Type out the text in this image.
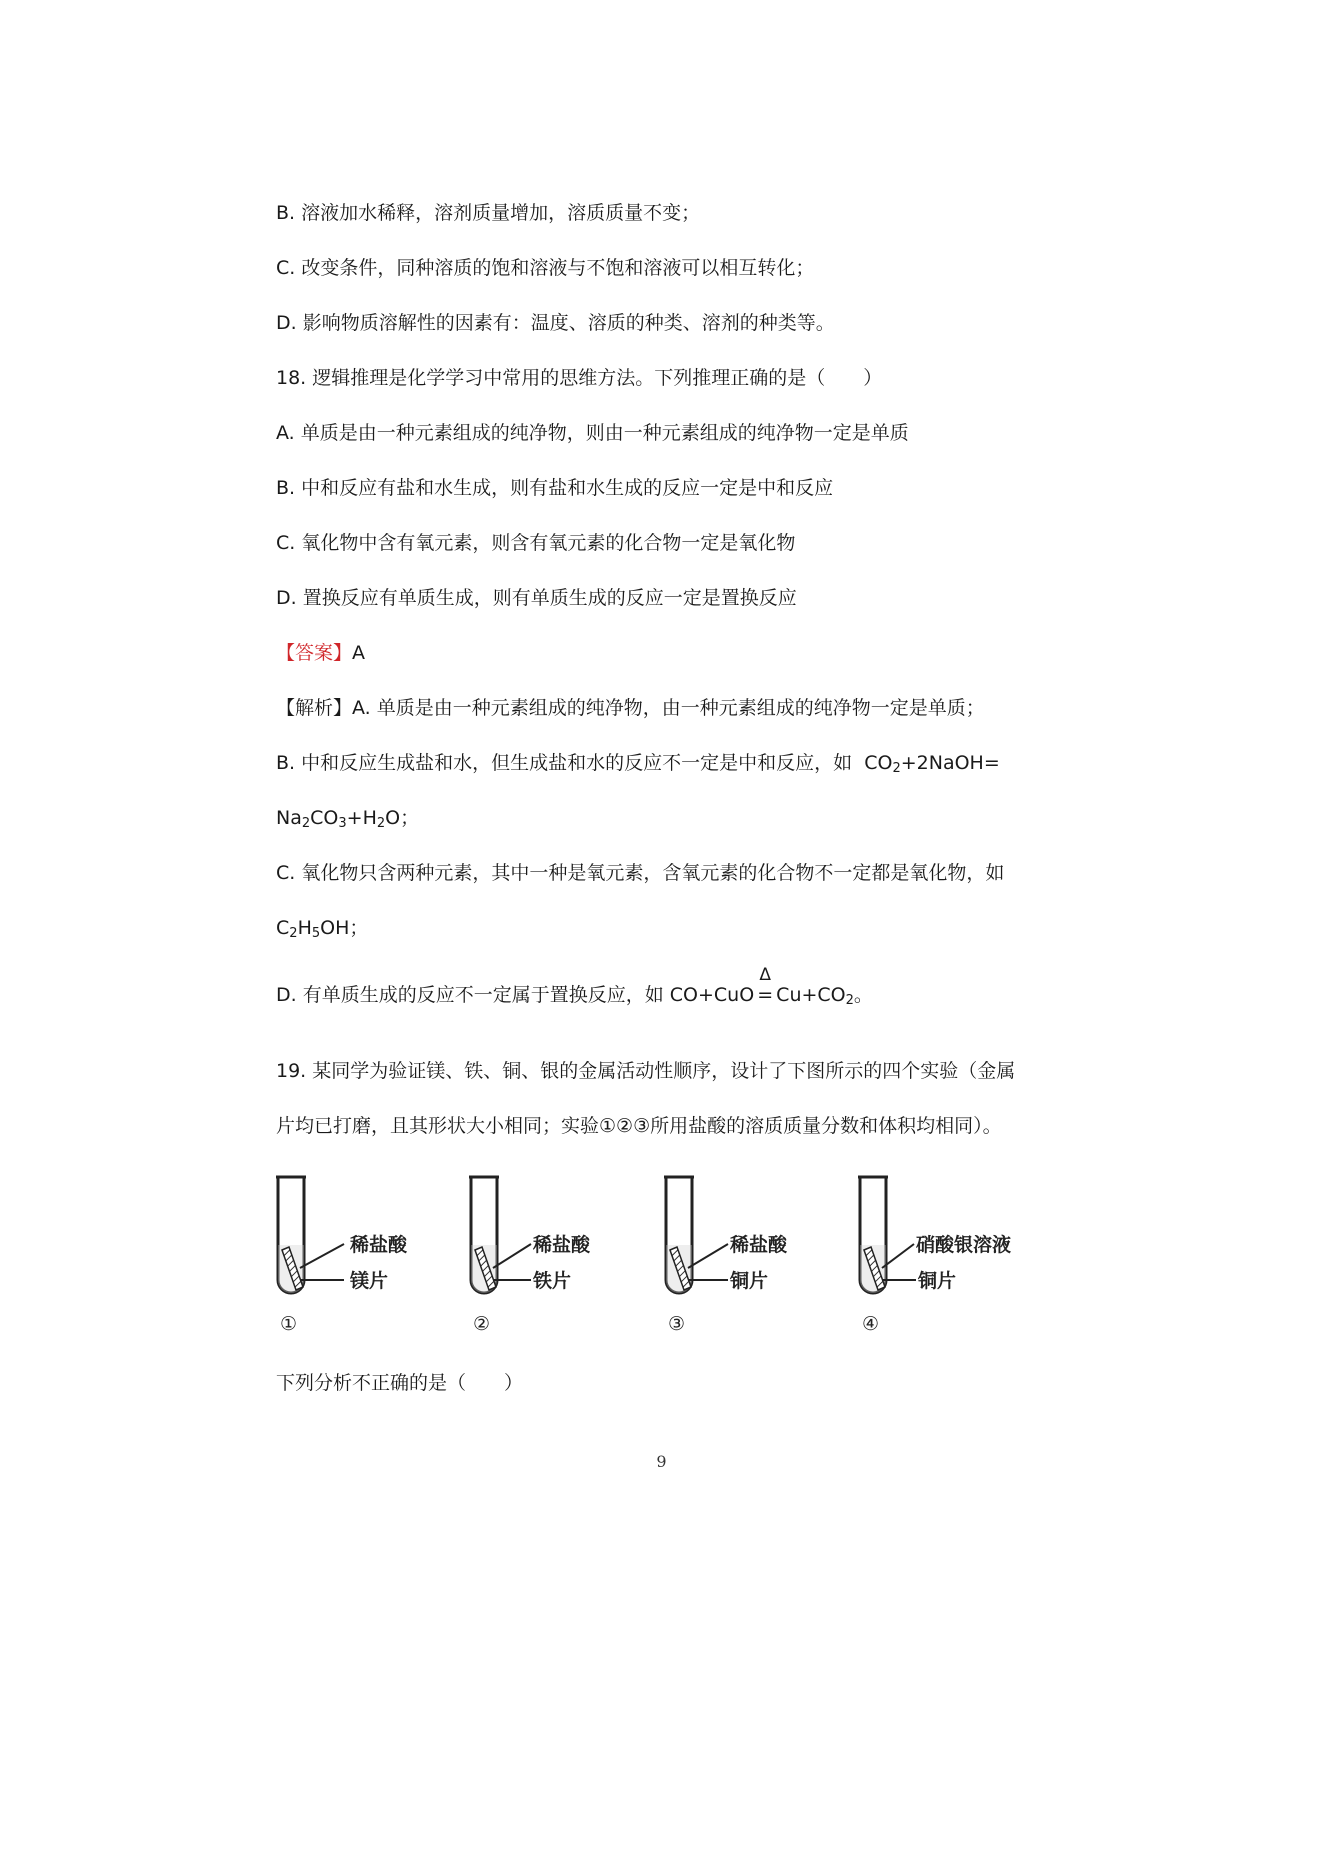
B. 溶液加水稀释，溶剂质量增加，溶质质量不变；
C. 改变条件，同种溶质的饱和溶液与不饱和溶液可以相互转化；
D. 影响物质溶解性的因素有：温度、溶质的种类、溶剂的种类等。
18. 逻辑推理是化学学习中常用的思维方法。下列推理正确的是（　　）
A. 单质是由一种元素组成的纯净物，则由一种元素组成的纯净物一定是单质
B. 中和反应有盐和水生成，则有盐和水生成的反应一定是中和反应
C. 氧化物中含有氧元素，则含有氧元素的化合物一定是氧化物
D. 置换反应有单质生成，则有单质生成的反应一定是置换反应
【答案】A
【解析】A. 单质是由一种元素组成的纯净物，由一种元素组成的纯净物一定是单质；
B. 中和反应生成盐和水，但生成盐和水的反应不一定是中和反应，如  $CO_2+2NaOH=$
$Na_2CO_3+H_2O$；
C. 氧化物只含两种元素，其中一种是氧元素，含氧元素的化合物不一定都是氧化物，如
$C_2H_5OH$；
D. 有单质生成的反应不一定属于置换反应，如 CO+CuO
Δ
= $Cu+CO_2$。
19. 某同学为验证镁、铁、铜、银的金属活动性顺序，设计了下图所示的四个实验（金属
片均已打磨，且其形状大小相同；实验①②③所用盐酸的溶质质量分数和体积均相同）。
稀盐酸
镁片
①
稀盐酸
铁片
②
稀盐酸
铜片
③
硝酸银溶液
铜片
④
下列分析不正确的是（　　）
9
